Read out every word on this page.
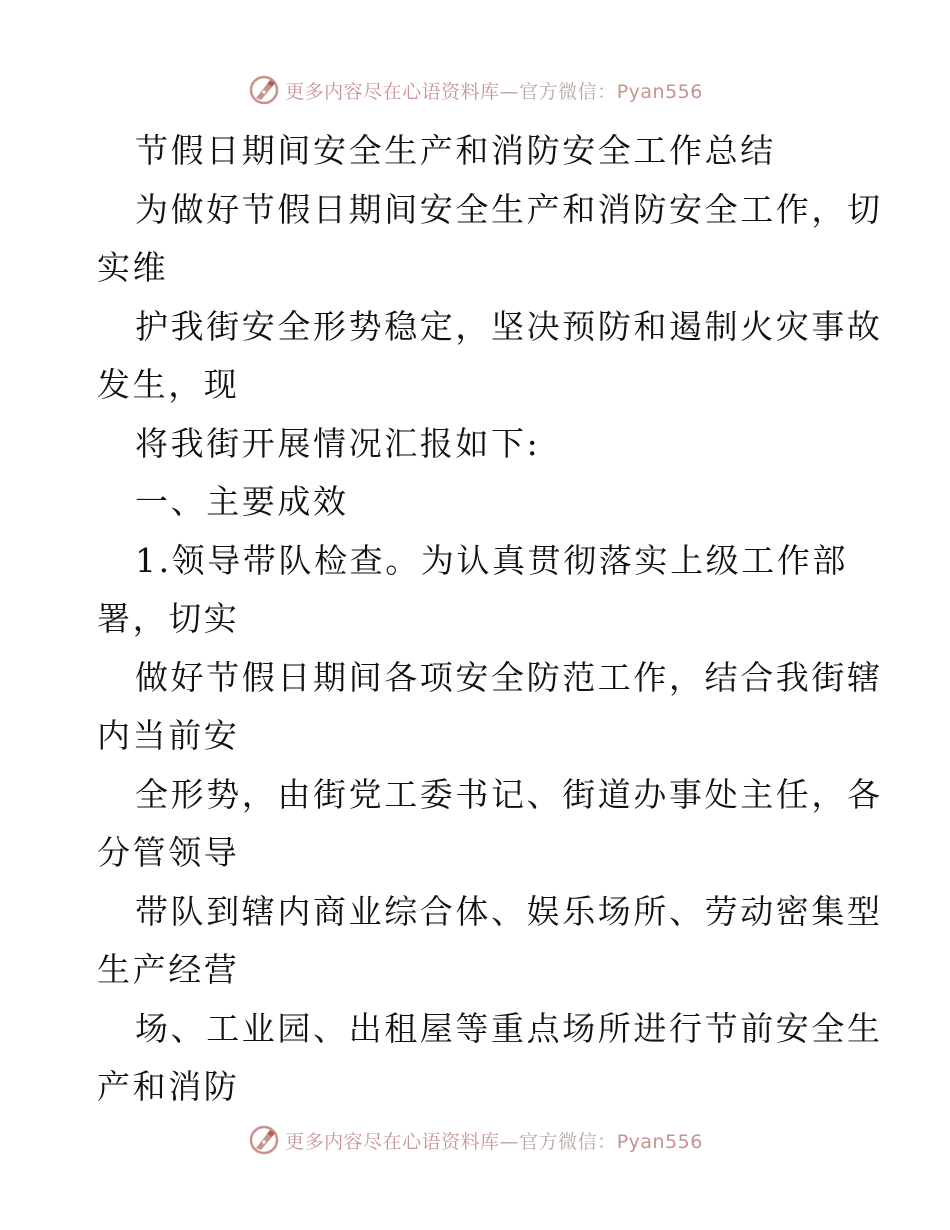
更多内容尽在心语资料库—官方微信：Pyan556
节假日期间安全生产和消防安全工作总结
为做好节假日期间安全生产和消防安全工作，切
实维
护我街安全形势稳定，坚决预防和遏制火灾事故
发生，现
将我街开展情况汇报如下:
一、主要成效
1.领导带队检查。为认真贯彻落实上级工作部
署，切实
做好节假日期间各项安全防范工作，结合我街辖
内当前安
全形势，由街党工委书记、街道办事处主任，各
分管领导
带队到辖内商业综合体、娱乐场所、劳动密集型
生产经营
场、工业园、出租屋等重点场所进行节前安全生
产和消防
更多内容尽在心语资料库—官方微信：Pyan556
